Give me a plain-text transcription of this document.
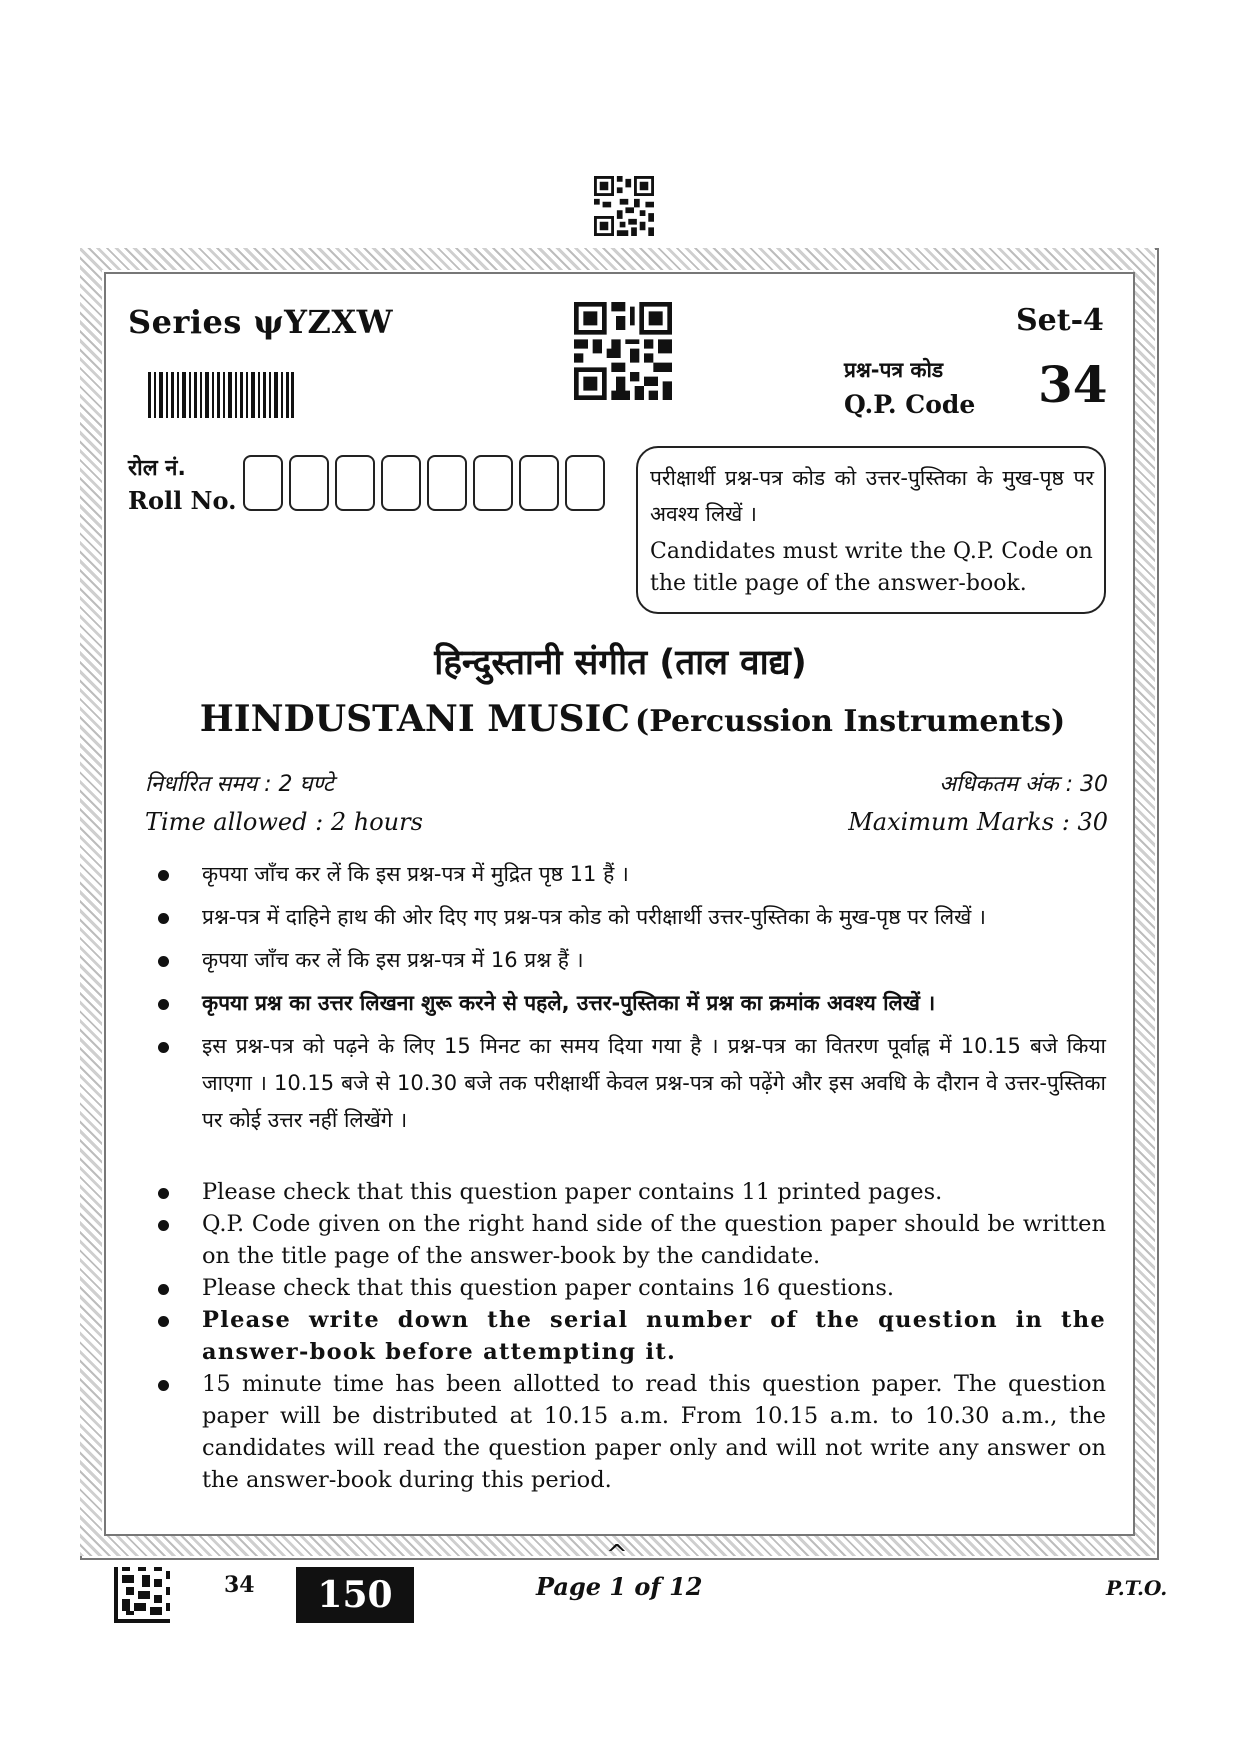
Series ψYZXW	Set-4
प्रश्न-पत्र कोड
Q.P. Code 34
रोल नं.
Roll No.
परीक्षार्थी प्रश्न-पत्र कोड को उत्तर-पुस्तिका के मुख-पृष्ठ पर अवश्य लिखें ।
Candidates must write the Q.P. Code on the title page of the answer-book.
हिन्दुस्तानी संगीत (ताल वाद्य)
HINDUSTANI MUSIC (Percussion Instruments)
निर्धारित समय : 2 घण्टे	अधिकतम अंक : 30
Time allowed : 2 hours	Maximum Marks : 30
कृपया जाँच कर लें कि इस प्रश्न-पत्र में मुद्रित पृष्ठ 11 हैं ।
प्रश्न-पत्र में दाहिने हाथ की ओर दिए गए प्रश्न-पत्र कोड को परीक्षार्थी उत्तर-पुस्तिका के मुख-पृष्ठ पर लिखें ।
कृपया जाँच कर लें कि इस प्रश्न-पत्र में 16 प्रश्न हैं ।
कृपया प्रश्न का उत्तर लिखना शुरू करने से पहले, उत्तर-पुस्तिका में प्रश्न का क्रमांक अवश्य लिखें ।
इस प्रश्न-पत्र को पढ़ने के लिए 15 मिनट का समय दिया गया है । प्रश्न-पत्र का वितरण पूर्वाह्न में 10.15 बजे किया जाएगा । 10.15 बजे से 10.30 बजे तक परीक्षार्थी केवल प्रश्न-पत्र को पढ़ेंगे और इस अवधि के दौरान वे उत्तर-पुस्तिका पर कोई उत्तर नहीं लिखेंगे ।
Please check that this question paper contains 11 printed pages.
Q.P. Code given on the right hand side of the question paper should be written on the title page of the answer-book by the candidate.
Please check that this question paper contains 16 questions.
Please write down the serial number of the question in the answer-book before attempting it.
15 minute time has been allotted to read this question paper. The question paper will be distributed at 10.15 a.m. From 10.15 a.m. to 10.30 a.m., the candidates will read the question paper only and will not write any answer on the answer-book during this period.
^
34	150	Page 1 of 12	P.T.O.
